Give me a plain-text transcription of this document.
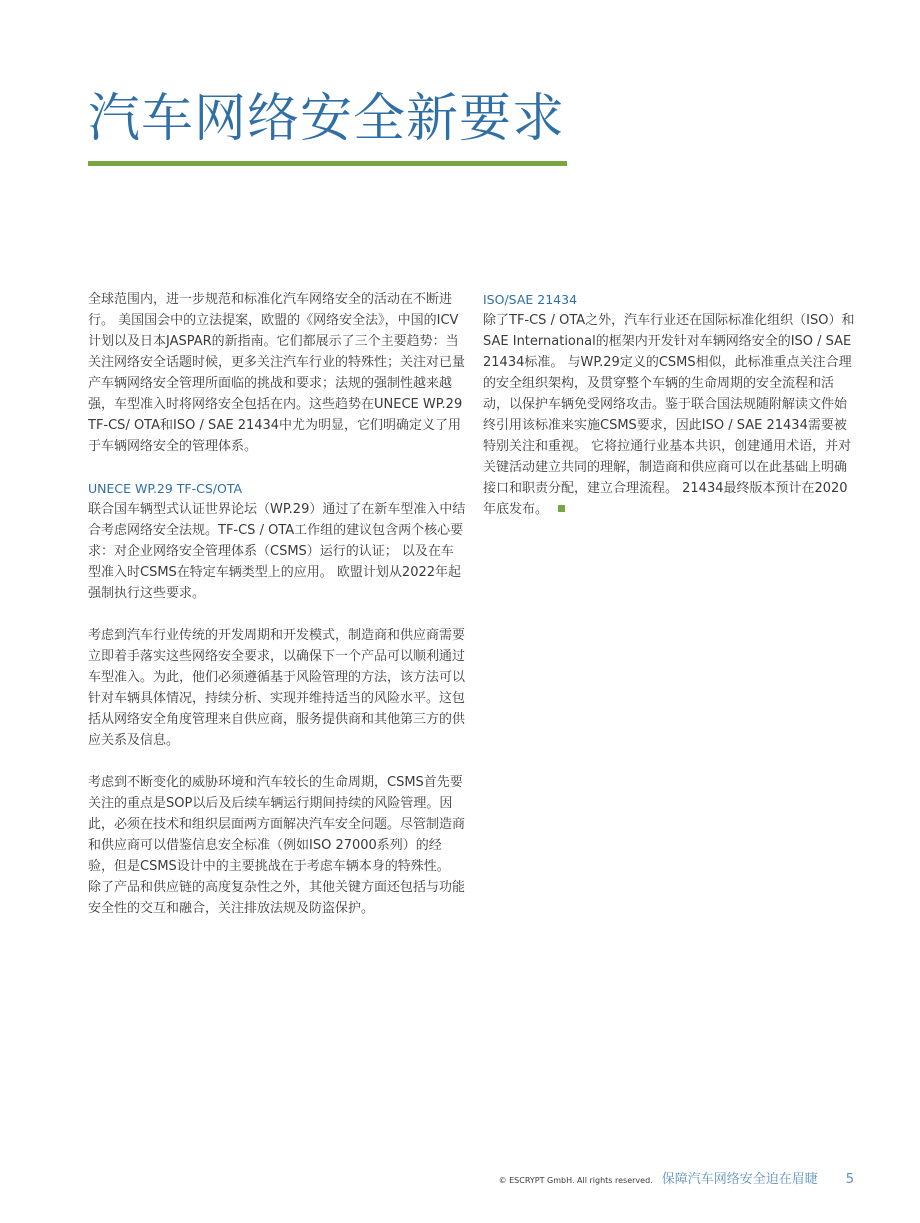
汽车网络安全新要求

全球范围内，进一步规范和标准化汽车网络安全的活动在不断进行。 美国国会中的立法提案，欧盟的《网络安全法》，中国的ICV计划以及日本JASPAR的新指南。它们都展示了三个主要趋势：当关注网络安全话题时候，更多关注汽车行业的特殊性；关注对已量产车辆网络安全管理所面临的挑战和要求；法规的强制性越来越强，车型准入时将网络安全包括在内。这些趋势在UNECE WP.29 TF-CS/ OTA和ISO / SAE 21434中尤为明显，它们明确定义了用于车辆网络安全的管理体系。

UNECE WP.29 TF-CS/OTA

联合国车辆型式认证世界论坛（WP.29）通过了在新车型准入中结合考虑网络安全法规。TF-CS / OTA工作组的建议包含两个核心要求：对企业网络安全管理体系（CSMS）运行的认证； 以及在车型准入时CSMS在特定车辆类型上的应用。 欧盟计划从2022年起强制执行这些要求。

考虑到汽车行业传统的开发周期和开发模式，制造商和供应商需要立即着手落实这些网络安全要求，以确保下一个产品可以顺利通过车型准入。为此，他们必须遵循基于风险管理的方法，该方法可以针对车辆具体情况，持续分析、实现并维持适当的风险水平。这包括从网络安全角度管理来自供应商，服务提供商和其他第三方的供应关系及信息。

考虑到不断变化的威胁环境和汽车较长的生命周期，CSMS首先要关注的重点是SOP以后及后续车辆运行期间持续的风险管理。因此，必须在技术和组织层面两方面解决汽车安全问题。尽管制造商和供应商可以借鉴信息安全标准（例如ISO 27000系列）的经验，但是CSMS设计中的主要挑战在于考虑车辆本身的特殊性。 除了产品和供应链的高度复杂性之外，其他关键方面还包括与功能安全性的交互和融合，关注排放法规及防盗保护。

ISO/SAE 21434

除了TF-CS / OTA之外，汽车行业还在国际标准化组织（ISO）和SAE International的框架内开发针对车辆网络安全的ISO / SAE 21434标准。 与WP.29定义的CSMS相似，此标准重点关注合理的安全组织架构，及贯穿整个车辆的生命周期的安全流程和活动，以保护车辆免受网络攻击。鉴于联合国法规随附解读文件始终引用该标准来实施CSMS要求，因此ISO / SAE 21434需要被特别关注和重视。 它将拉通行业基本共识，创建通用术语，并对关键活动建立共同的理解，制造商和供应商可以在此基础上明确接口和职责分配，建立合理流程。 21434最终版本预计在2020年底发布。

© ESCRYPT GmbH. All rights reserved. 保障汽车网络安全迫在眉睫 5
